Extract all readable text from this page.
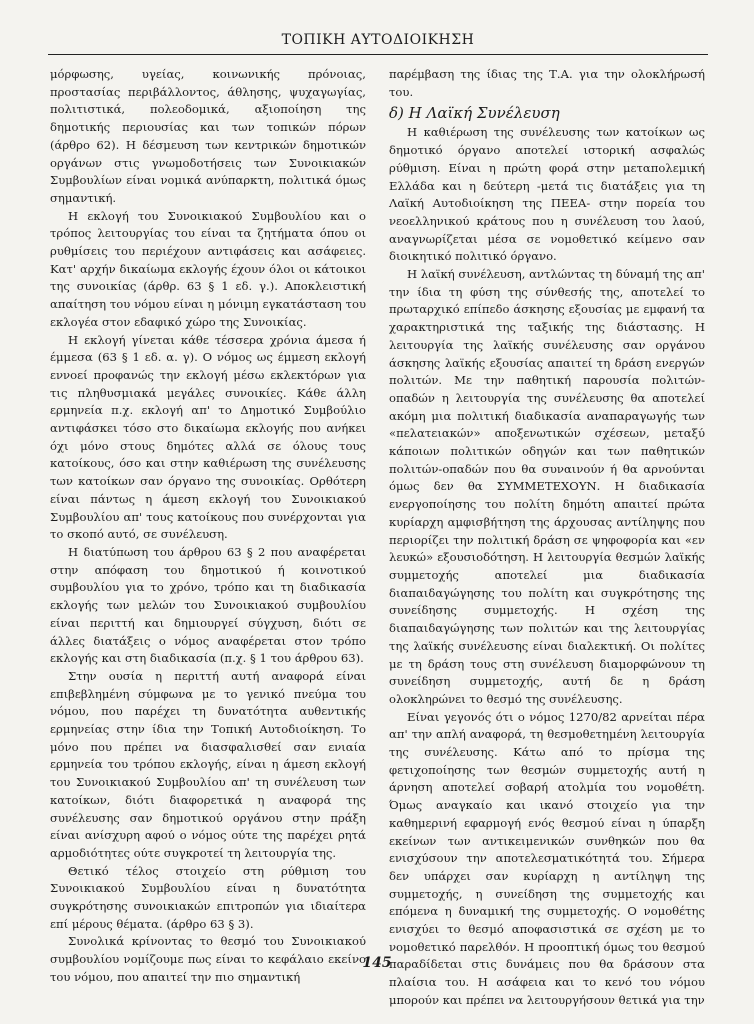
ΤΟΠΙΚΗ ΑΥΤΟΔΙΟΙΚΗΣΗ

μόρφωσης, υγείας, κοινωνικής πρόνοιας, προστασίας περιβάλλοντος, άθλησης, ψυχαγωγίας, πολιτιστικά, πολεοδομικά, αξιοποίηση της δημοτικής περιουσίας και των τοπικών πόρων (άρθρο 62). Η δέσμευση των κεντρικών δημοτικών οργάνων στις γνωμοδοτήσεις των Συνοικιακών Συμβουλίων είναι νομικά ανύπαρκτη, πολιτικά όμως σημαντική.

Η εκλογή του Συνοικιακού Συμβουλίου και ο τρόπος λειτουργίας του είναι τα ζητήματα όπου οι ρυθμίσεις του περιέχουν αντιφάσεις και ασάφειες. Κατ' αρχήν δικαίωμα εκλογής έχουν όλοι οι κάτοικοι της συνοικίας (άρθρ. 63 § 1 εδ. γ.). Αποκλειστική απαίτηση του νόμου είναι η μόνιμη εγκατάσταση του εκλογέα στον εδαφικό χώρο της Συνοικίας.

Η εκλογή γίνεται κάθε τέσσερα χρόνια άμεσα ή έμμεσα (63 § 1 εδ. α. γ). Ο νόμος ως έμμεση εκλογή εννοεί προφανώς την εκλογή μέσω εκλεκτόρων για τις πληθυσμιακά μεγάλες συνοικίες. Κάθε άλλη ερμηνεία π.χ. εκλογή απ' το Δημοτικό Συμβούλιο αντιφάσκει τόσο στο δικαίωμα εκλογής που ανήκει όχι μόνο στους δημότες αλλά σε όλους τους κατοίκους, όσο και στην καθιέρωση της συνέλευσης των κατοίκων σαν όργανο της συνοικίας. Ορθότερη είναι πάντως η άμεση εκλογή του Συνοικιακού Συμβουλίου απ' τους κατοίκους που συνέρχονται για το σκοπό αυτό, σε συνέλευση.

Η διατύπωση του άρθρου 63 § 2 που αναφέρεται στην απόφαση του δημοτικού ή κοινοτικού συμβουλίου για το χρόνο, τρόπο και τη διαδικασία εκλογής των μελών του Συνοικιακού συμβουλίου είναι περιττή και δημιουργεί σύγχυση, διότι σε άλλες διατάξεις ο νόμος αναφέρεται στον τρόπο εκλογής και στη διαδικασία (π.χ. § 1 του άρθρου 63).

Στην ουσία η περιττή αυτή αναφορά είναι επιβεβλημένη σύμφωνα με το γενικό πνεύμα του νόμου, που παρέχει τη δυνατότητα αυθεντικής ερμηνείας στην ίδια την Τοπική Αυτοδιοίκηση. Το μόνο που πρέπει να διασφαλισθεί σαν ενιαία ερμηνεία του τρόπου εκλογής, είναι η άμεση εκλογή του Συνοικιακού Συμβουλίου απ' τη συνέλευση των κατοίκων, διότι διαφορετικά η αναφορά της συνέλευσης σαν δημοτικού οργάνου στην πράξη είναι ανίσχυρη αφού ο νόμος ούτε της παρέχει ρητά αρμοδιότητες ούτε συγκροτεί τη λειτουργία της.

Θετικό τέλος στοιχείο στη ρύθμιση του Συνοικιακού Συμβουλίου είναι η δυνατότητα συγκρότησης συνοικιακών επιτροπών για ιδιαίτερα επί μέρους θέματα. (άρθρο 63 § 3).

Συνολικά κρίνοντας το θεσμό του Συνοικιακού συμβουλίου νομίζουμε πως είναι το κεφάλαιο εκείνο του νόμου, που απαιτεί την πιο σημαντική

παρέμβαση της ίδιας της Τ.Α. για την ολοκλήρωσή του.

δ) Η Λαϊκή Συνέλευση

Η καθιέρωση της συνέλευσης των κατοίκων ως δημοτικό όργανο αποτελεί ιστορική ασφαλώς ρύθμιση. Είναι η πρώτη φορά στην μεταπολεμική Ελλάδα και η δεύτερη -μετά τις διατάξεις για τη Λαϊκή Αυτοδιοίκηση της ΠΕΕΑ- στην πορεία του νεοελληνικού κράτους που η συνέλευση του λαού, αναγνωρίζεται μέσα σε νομοθετικό κείμενο σαν διοικητικό πολιτικό όργανο.

Η λαϊκή συνέλευση, αντλώντας τη δύναμή της απ' την ίδια τη φύση της σύνθεσής της, αποτελεί το πρωταρχικό επίπεδο άσκησης εξουσίας με εμφανή τα χαρακτηριστικά της ταξικής της διάστασης. Η λειτουργία της λαϊκής συνέλευσης σαν οργάνου άσκησης λαϊκής εξουσίας απαιτεί τη δράση ενεργών πολιτών. Με την παθητική παρουσία πολιτών-οπαδών η λειτουργία της συνέλευσης θα αποτελεί ακόμη μια πολιτική διαδικασία αναπαραγωγής των «πελατειακών» αποξενωτικών σχέσεων, μεταξύ κάποιων πολιτικών οδηγών και των παθητικών πολιτών-οπαδών που θα συναινούν ή θα αρνούνται όμως δεν θα ΣΥΜΜΕΤΕΧΟΥΝ. Η διαδικασία ενεργοποίησης του πολίτη δημότη απαιτεί πρώτα κυρίαρχη αμφισβήτηση της άρχουσας αντίληψης που περιορίζει την πολιτική δράση σε ψηφοφορία και «εν λευκώ» εξουσιοδότηση. Η λειτουργία θεσμών λαϊκής συμμετοχής αποτελεί μια διαδικασία διαπαιδαγώγησης του πολίτη και συγκρότησης της συνείδησης συμμετοχής. Η σχέση της διαπαιδαγώγησης των πολιτών και της λειτουργίας της λαϊκής συνέλευσης είναι διαλεκτική. Οι πολίτες με τη δράση τους στη συνέλευση διαμορφώνουν τη συνείδηση συμμετοχής, αυτή δε η δράση ολοκληρώνει το θεσμό της συνέλευσης.

Είναι γεγονός ότι ο νόμος 1270/82 αρνείται πέρα απ' την απλή αναφορά, τη θεσμοθετημένη λειτουργία της συνέλευσης. Κάτω από το πρίσμα της φετιχοποίησης των θεσμών συμμετοχής αυτή η άρνηση αποτελεί σοβαρή ατολμία του νομοθέτη. Όμως αναγκαίο και ικανό στοιχείο για την καθημερινή εφαρμογή ενός θεσμού είναι η ύπαρξη εκείνων των αντικειμενικών συνθηκών που θα ενισχύσουν την αποτελεσματικότητά του. Σήμερα δεν υπάρχει σαν κυρίαρχη η αντίληψη της συμμετοχής, η συνείδηση της συμμετοχής και επόμενα η δυναμική της συμμετοχής. Ο νομοθέτης ενισχύει το θεσμό αποφασιστικά σε σχέση με το νομοθετικό παρελθόν. Η προοπτική όμως του θεσμού παραδίδεται στις δυνάμεις που θα δράσουν στα πλαίσια του. Η ασάφεια και το κενό του νόμου μπορούν και πρέπει να λειτουργήσουν θετικά για την

145
